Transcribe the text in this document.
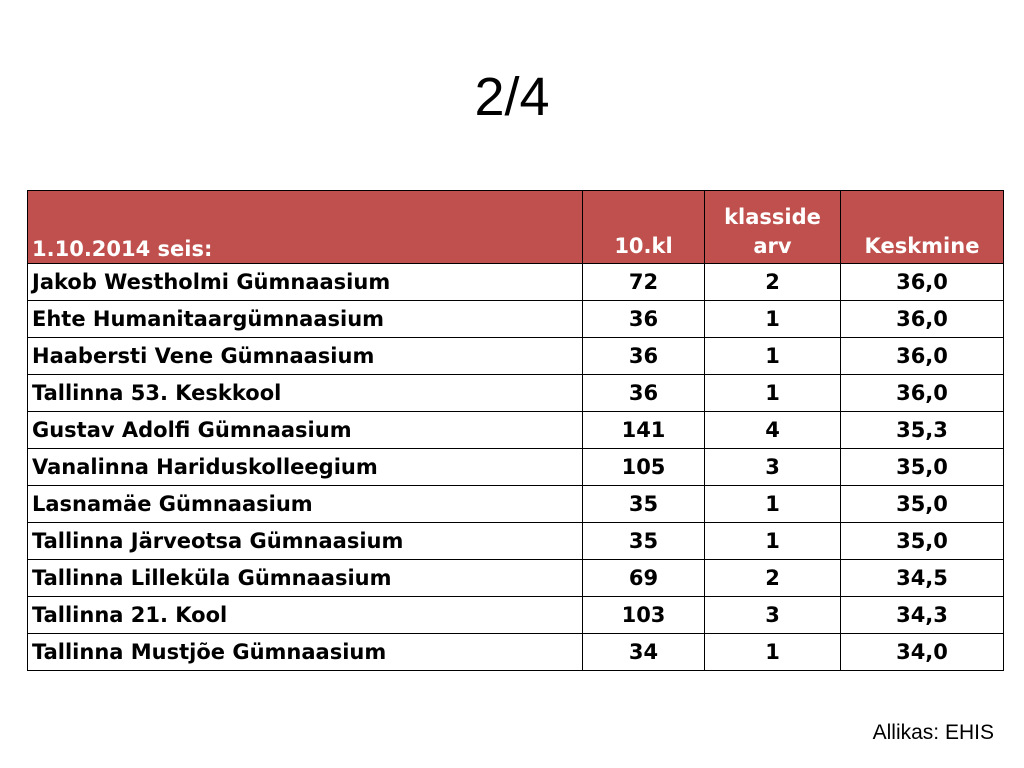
2/4
1.10.2014 seis:	10.kl	klasside arv	Keskmine
Jakob Westholmi Gümnaasium	72	2	36,0
Ehte Humanitaargümnaasium	36	1	36,0
Haabersti Vene Gümnaasium	36	1	36,0
Tallinna 53. Keskkool	36	1	36,0
Gustav Adolfi Gümnaasium	141	4	35,3
Vanalinna Hariduskolleegium	105	3	35,0
Lasnamäe Gümnaasium	35	1	35,0
Tallinna Järveotsa Gümnaasium	35	1	35,0
Tallinna Lilleküla Gümnaasium	69	2	34,5
Tallinna 21. Kool	103	3	34,3
Tallinna Mustjõe Gümnaasium	34	1	34,0
Allikas: EHIS
